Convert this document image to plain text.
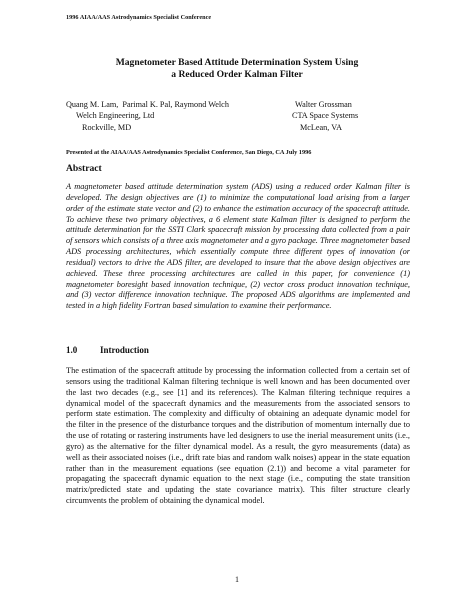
1996 AIAA/AAS Astrodynamics Specialist Conference
Magnetometer Based Attitude Determination System Using
a Reduced Order Kalman Filter
Quang M. Lam,  Parimal K. Pal, Raymond Welch
Welch Engineering, Ltd
Rockville, MD
Walter Grossman
CTA Space Systems
McLean, VA
Presented at the AIAA/AAS Astrodynamics Specialist Conference, San Diego, CA July 1996
Abstract
A magnetometer based attitude determination system (ADS) using a reduced order Kalman filter is developed. The design objectives are (1) to minimize the computational load arising from a larger order of the estimate state vector and (2) to enhance the estimation accuracy of the spacecraft attitude. To achieve these two primary objectives, a 6 element state Kalman filter is designed to perform the attitude determination for the SSTI Clark spacecraft mission by processing data collected from a pair of sensors which consists of a three axis magnetometer and a gyro package. Three magnetometer based ADS processing architectures, which essentially compute three different types of innovation (or residual) vectors to drive the ADS filter, are developed to insure that the above design objectives are achieved. These three processing architectures are called in this paper, for convenience (1) magnetometer boresight based innovation technique, (2) vector cross product innovation technique, and (3) vector difference innovation technique. The proposed ADS algorithms are implemented and tested in a high fidelity Fortran based simulation to examine their performance.
1.0	Introduction
The estimation of the spacecraft attitude by processing the information collected from a certain set of sensors using the traditional Kalman filtering technique is well known and has been documented over the last two decades (e.g., see [1] and its references). The Kalman filtering technique requires a dynamical model of the spacecraft dynamics and the measurements from the associated sensors to perform state estimation. The complexity and difficulty of obtaining an adequate dynamic model for the filter in the presence of the disturbance torques and the distribution of momentum internally due to the use of rotating or rastering instruments have led designers to use the inerial measurement units (i.e., gyro) as the alternative for the filter dynamical model. As a result, the gyro measurements (data) as well as their associated noises (i.e., drift rate bias and random walk noises) appear in the state equation rather than in the measurement equations (see equation (2.1)) and become a vital parameter for propagating the spacecraft dynamic equation to the next stage (i.e., computing the state transition matrix/predicted state and updating the state covariance matrix). This filter structure clearly circumvents the problem of obtaining the dynamical model.
1
